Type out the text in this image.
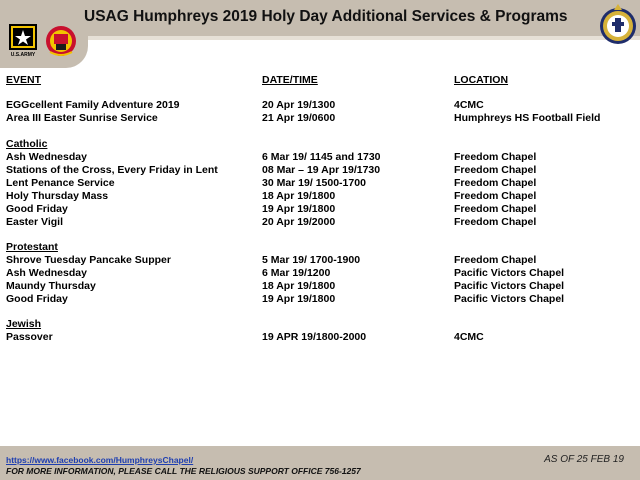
USAG Humphreys 2019 Holy Day Additional Services & Programs
U.S.ARMY
EVENT	DATE/TIME	LOCATION
EGGcellent Family Adventure 2019	20 Apr 19/1300	4CMC
Area III Easter Sunrise Service	21 Apr 19/0600	Humphreys HS Football Field
Catholic
Ash Wednesday	6 Mar 19/ 1145 and 1730	Freedom Chapel
Stations of the Cross, Every Friday in Lent	08 Mar – 19 Apr 19/1730	Freedom Chapel
Lent Penance Service	30 Mar 19/ 1500-1700	Freedom Chapel
Holy Thursday Mass	18 Apr 19/1800	Freedom Chapel
Good Friday	19 Apr 19/1800	Freedom Chapel
Easter Vigil	20 Apr 19/2000	Freedom Chapel
Protestant
Shrove Tuesday Pancake Supper	5 Mar 19/ 1700-1900	Freedom Chapel
Ash Wednesday	6 Mar 19/1200	Pacific Victors Chapel
Maundy Thursday	18 Apr 19/1800	Pacific Victors Chapel
Good Friday	19 Apr 19/1800	Pacific Victors Chapel
Jewish
Passover	19 APR 19/1800-2000	4CMC
https://www.facebook.com/HumphreysChapel/
FOR MORE INFORMATION, PLEASE CALL THE RELIGIOUS SUPPORT OFFICE 756-1257
AS OF 25 FEB 19
